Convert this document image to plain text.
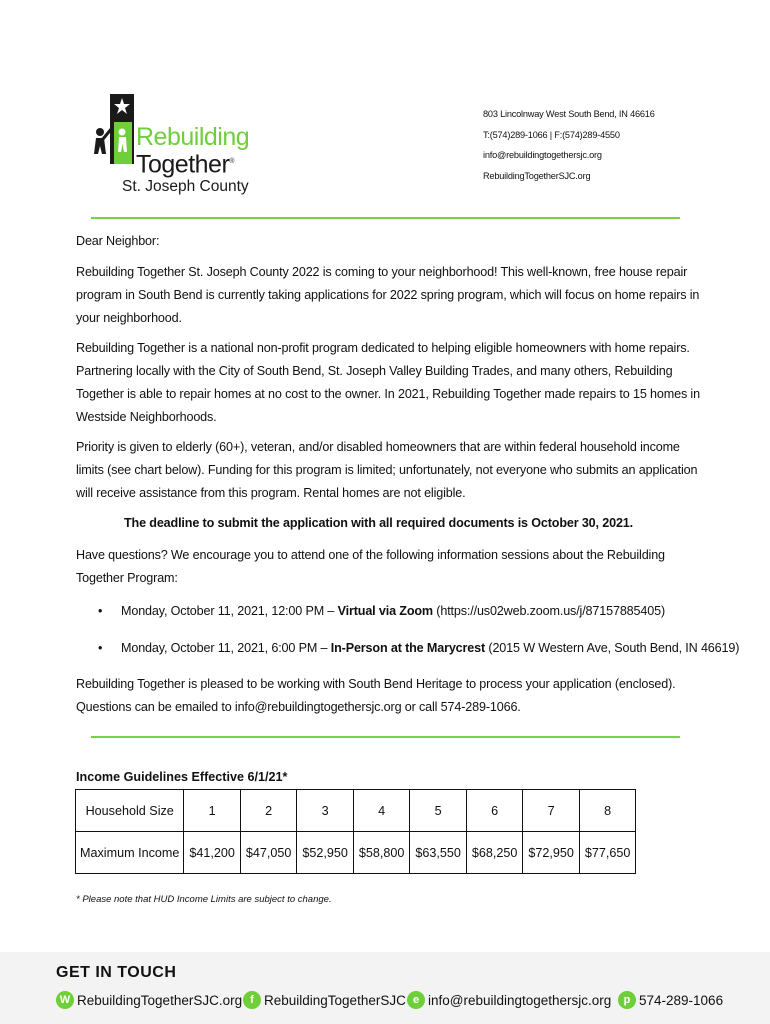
Rebuilding
Together®
St. Joseph County
803 Lincolnway West South Bend, IN 46616
T:(574)289-1066 | F:(574)289-4550
info@rebuildingtogethersjc.org
RebuildingTogetherSJC.org

Dear Neighbor:

Rebuilding Together St. Joseph County 2022 is coming to your neighborhood! This well-known, free house repair program in South Bend is currently taking applications for 2022 spring program, which will focus on home repairs in your neighborhood.

Rebuilding Together is a national non-profit program dedicated to helping eligible homeowners with home repairs. Partnering locally with the City of South Bend, St. Joseph Valley Building Trades, and many others, Rebuilding Together is able to repair homes at no cost to the owner. In 2021, Rebuilding Together made repairs to 15 homes in Westside Neighborhoods.

Priority is given to elderly (60+), veteran, and/or disabled homeowners that are within federal household income limits (see chart below). Funding for this program is limited; unfortunately, not everyone who submits an application will receive assistance from this program. Rental homes are not eligible.

The deadline to submit the application with all required documents is October 30, 2021.

Have questions? We encourage you to attend one of the following information sessions about the Rebuilding Together Program:

• Monday, October 11, 2021, 12:00 PM – Virtual via Zoom (https://us02web.zoom.us/j/87157885405)
• Monday, October 11, 2021, 6:00 PM – In-Person at the Marycrest (2015 W Western Ave, South Bend, IN 46619)

Rebuilding Together is pleased to be working with South Bend Heritage to process your application (enclosed). Questions can be emailed to info@rebuildingtogethersjc.org or call 574-289-1066.

Income Guidelines Effective 6/1/21*
Household Size	1	2	3	4	5	6	7	8
Maximum Income	$41,200	$47,050	$52,950	$58,800	$63,550	$68,250	$72,950	$77,650
* Please note that HUD Income Limits are subject to change.
GET IN TOUCH
W RebuildingTogetherSJC.org f RebuildingTogetherSJC e info@rebuildingtogethersjc.org	p 574-289-1066
